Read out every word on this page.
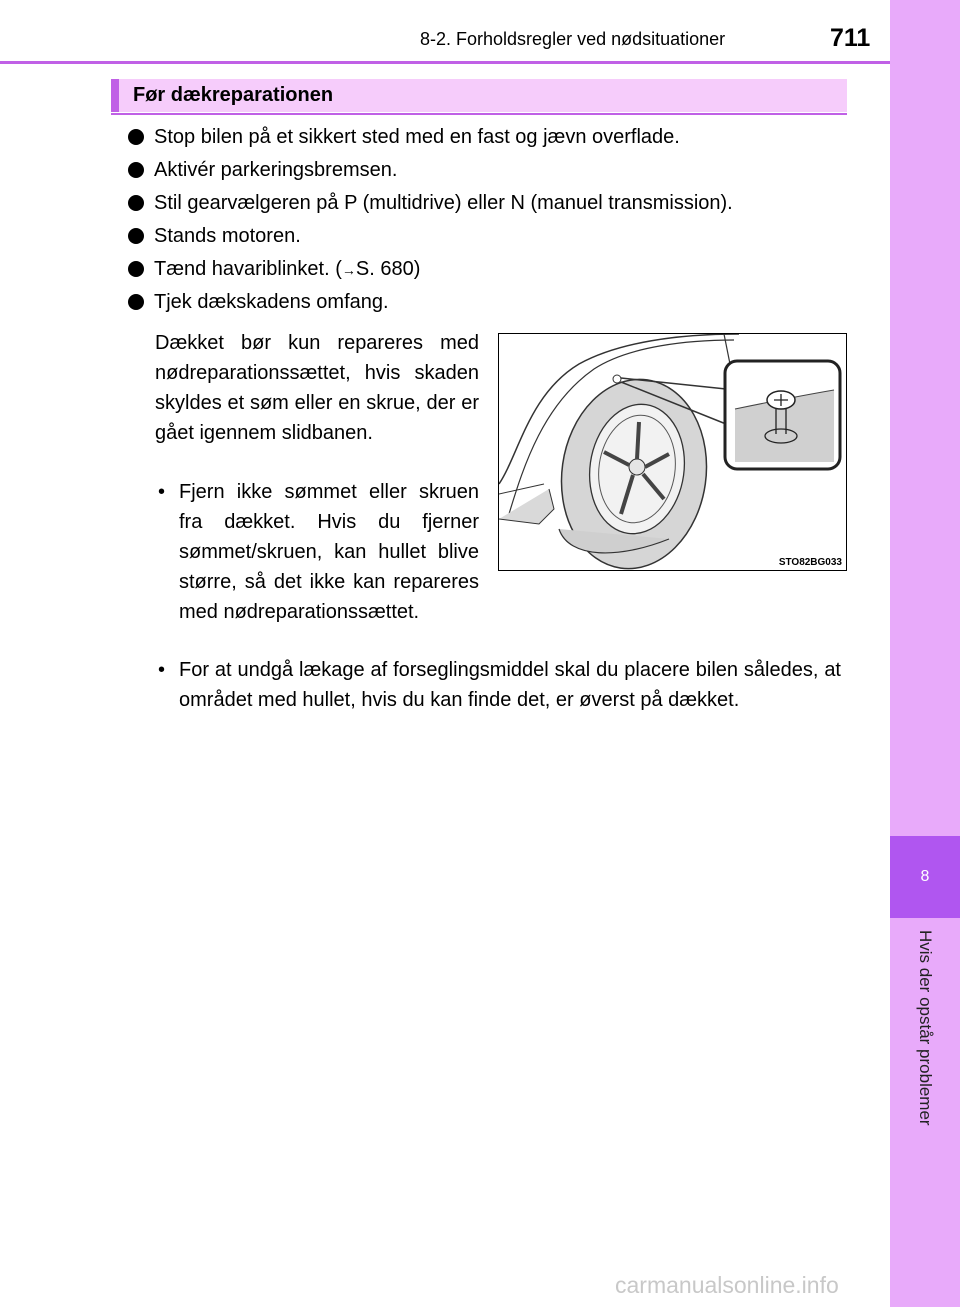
8-2. Forholdsregler ved nødsituationer	711
8
Hvis der opstår problemer
Før dækreparationen
Stop bilen på et sikkert sted med en fast og jævn overflade.
Aktivér parkeringsbremsen.
Stil gearvælgeren på P (multidrive) eller N (manuel transmission).
Stands motoren.
Tænd havariblinket. (→S. 680)
Tjek dækskadens omfang.
Dækket bør kun repareres med nødreparationssættet, hvis skaden skyldes et søm eller en skrue, der er gået igennem slidbanen.
• Fjern ikke sømmet eller skruen fra dækket. Hvis du fjerner sømmet/skruen, kan hullet blive større, så det ikke kan repareres med nødreparationssættet.
• For at undgå lækage af forseglingsmiddel skal du placere bilen således, at området med hullet, hvis du kan finde det, er øverst på dækket.
STO82BG033
carmanualsonline.info
